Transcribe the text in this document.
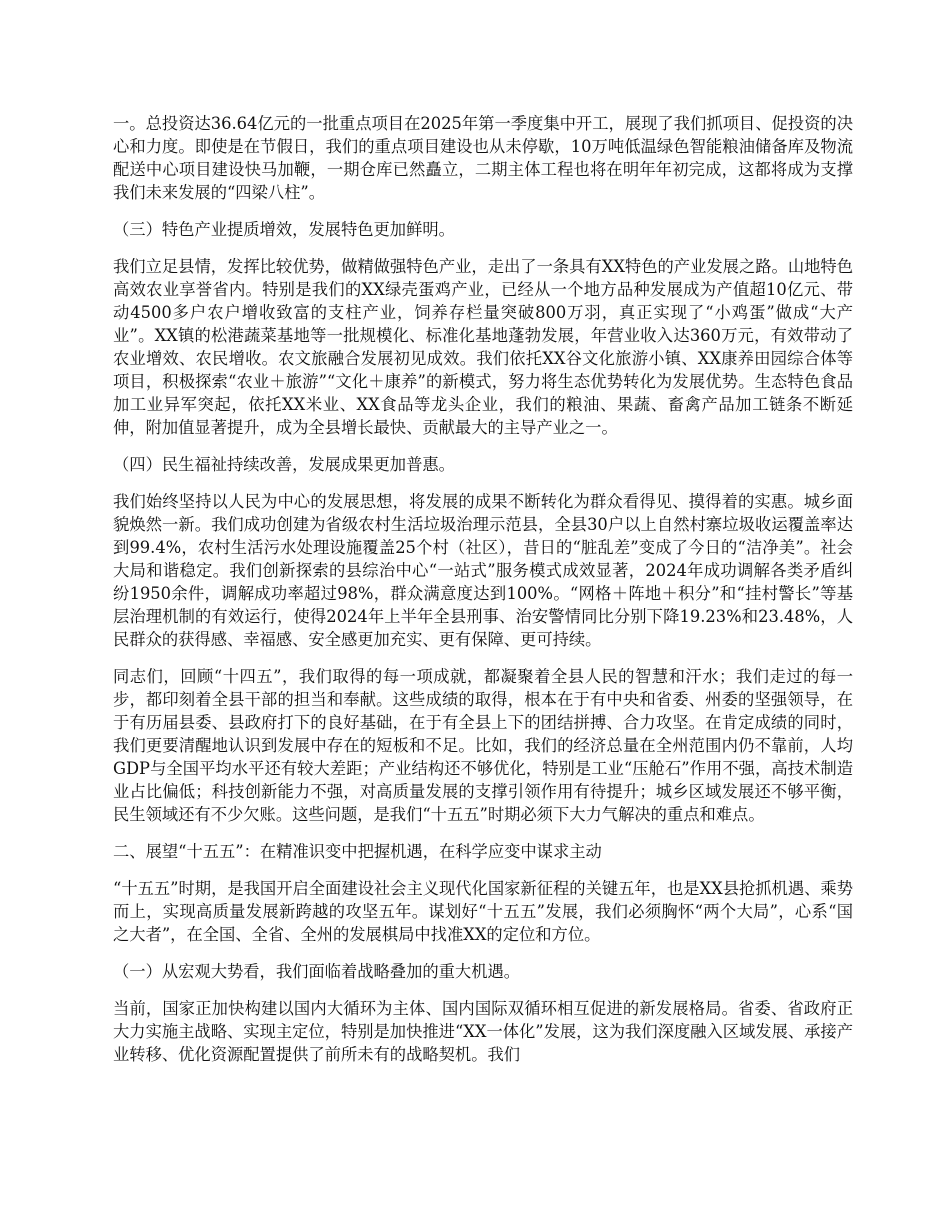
一。总投资达36.64亿元的一批重点项目在2025年第一季度集中开工，展现了我们抓项目、促投资的决心和力度。即使是在节假日，我们的重点项目建设也从未停歇，10万吨低温绿色智能粮油储备库及物流配送中心项目建设快马加鞭，一期仓库已然矗立，二期主体工程也将在明年年初完成，这都将成为支撑我们未来发展的“四梁八柱”。

（三）特色产业提质增效，发展特色更加鲜明。

我们立足县情，发挥比较优势，做精做强特色产业，走出了一条具有XX特色的产业发展之路。山地特色高效农业享誉省内。特别是我们的XX绿壳蛋鸡产业，已经从一个地方品种发展成为产值超10亿元、带动4500多户农户增收致富的支柱产业，饲养存栏量突破800万羽，真正实现了“小鸡蛋”做成“大产业”。XX镇的松港蔬菜基地等一批规模化、标准化基地蓬勃发展，年营业收入达360万元，有效带动了农业增效、农民增收。农文旅融合发展初见成效。我们依托XX谷文化旅游小镇、XX康养田园综合体等项目，积极探索“农业＋旅游”“文化＋康养”的新模式，努力将生态优势转化为发展优势。生态特色食品加工业异军突起，依托XX米业、XX食品等龙头企业，我们的粮油、果蔬、畜禽产品加工链条不断延伸，附加值显著提升，成为全县增长最快、贡献最大的主导产业之一。

（四）民生福祉持续改善，发展成果更加普惠。

我们始终坚持以人民为中心的发展思想，将发展的成果不断转化为群众看得见、摸得着的实惠。城乡面貌焕然一新。我们成功创建为省级农村生活垃圾治理示范县，全县30户以上自然村寨垃圾收运覆盖率达到99.4%，农村生活污水处理设施覆盖25个村（社区），昔日的“脏乱差”变成了今日的“洁净美”。社会大局和谐稳定。我们创新探索的县综治中心“一站式”服务模式成效显著，2024年成功调解各类矛盾纠纷1950余件，调解成功率超过98%，群众满意度达到100%。“网格＋阵地＋积分”和“挂村警长”等基层治理机制的有效运行，使得2024年上半年全县刑事、治安警情同比分别下降19.23%和23.48%，人民群众的获得感、幸福感、安全感更加充实、更有保障、更可持续。

同志们，回顾“十四五”，我们取得的每一项成就，都凝聚着全县人民的智慧和汗水；我们走过的每一步，都印刻着全县干部的担当和奉献。这些成绩的取得，根本在于有中央和省委、州委的坚强领导，在于有历届县委、县政府打下的良好基础，在于有全县上下的团结拼搏、合力攻坚。在肯定成绩的同时，我们更要清醒地认识到发展中存在的短板和不足。比如，我们的经济总量在全州范围内仍不靠前，人均GDP与全国平均水平还有较大差距；产业结构还不够优化，特别是工业“压舱石”作用不强，高技术制造业占比偏低；科技创新能力不强，对高质量发展的支撑引领作用有待提升；城乡区域发展还不够平衡，民生领域还有不少欠账。这些问题，是我们“十五五”时期必须下大力气解决的重点和难点。

二、展望“十五五”：在精准识变中把握机遇，在科学应变中谋求主动

“十五五”时期，是我国开启全面建设社会主义现代化国家新征程的关键五年，也是XX县抢抓机遇、乘势而上，实现高质量发展新跨越的攻坚五年。谋划好“十五五”发展，我们必须胸怀“两个大局”，心系“国之大者”，在全国、全省、全州的发展棋局中找准XX的定位和方位。

（一）从宏观大势看，我们面临着战略叠加的重大机遇。

当前，国家正加快构建以国内大循环为主体、国内国际双循环相互促进的新发展格局。省委、省政府正大力实施主战略、实现主定位，特别是加快推进“XX一体化”发展，这为我们深度融入区域发展、承接产业转移、优化资源配置提供了前所未有的战略契机。我们
